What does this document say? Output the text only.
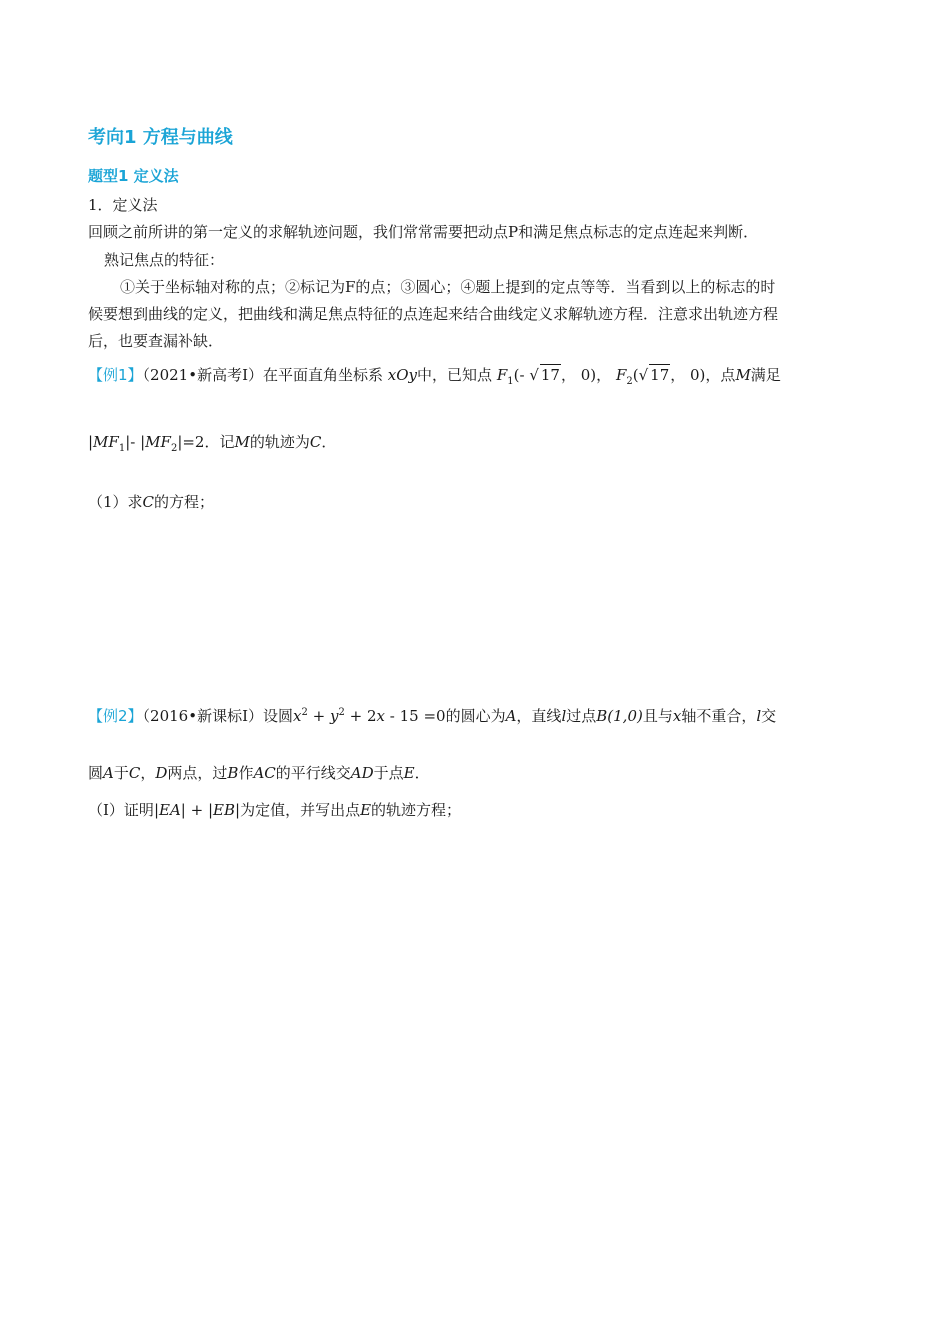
考向1 方程与曲线
题型1 定义法
1．定义法
回顾之前所讲的第一定义的求解轨迹问题，我们常常需要把动点P和满足焦点标志的定点连起来判断．
熟记焦点的特征：
①关于坐标轴对称的点；②标记为F的点；③圆心；④题上提到的定点等等．当看到以上的标志的时
候要想到曲线的定义，把曲线和满足焦点特征的点连起来结合曲线定义求解轨迹方程．注意求出轨迹方程
后，也要查漏补缺．
【例1】（2021•新高考Ⅰ）在平面直角坐标系 xOy中，已知点 $F_1(-$ √ 17， 0)， $F_2(√$ 17， 0)，点M满足
$|MF_1|-$ $|MF_2|=2$．记M的轨迹为C．
（1）求C的方程；
【例2】（2016•新课标Ⅰ）设圆$x^2 + y^2 + 2x - 15 =0$的圆心为A，直线l过点B(1,0)且与x轴不重合，l交
圆A于C，D两点，过B作AC的平行线交AD于点E．
（Ⅰ）证明|EA| + |EB|为定值，并写出点E的轨迹方程；
